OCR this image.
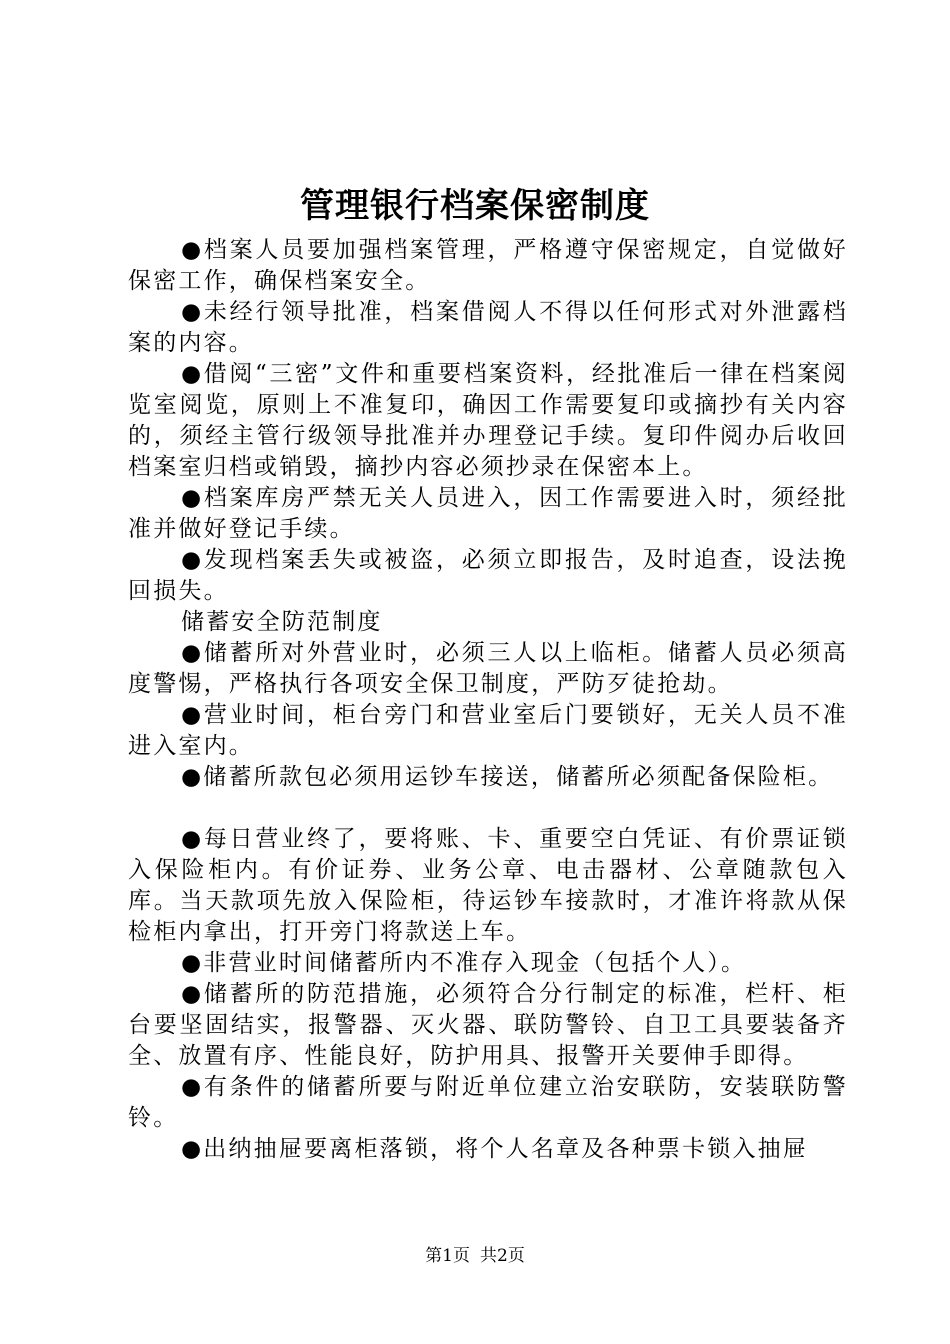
管理银行档案保密制度

●档案人员要加强档案管理，严格遵守保密规定，自觉做好保密工作，确保档案安全。

●未经行领导批准，档案借阅人不得以任何形式对外泄露档案的内容。

●借阅“三密”文件和重要档案资料，经批准后一律在档案阅览室阅览，原则上不准复印，确因工作需要复印或摘抄有关内容的，须经主管行级领导批准并办理登记手续。复印件阅办后收回档案室归档或销毁，摘抄内容必须抄录在保密本上。

●档案库房严禁无关人员进入，因工作需要进入时，须经批准并做好登记手续。

●发现档案丢失或被盗，必须立即报告，及时追查，设法挽回损失。

储蓄安全防范制度

●储蓄所对外营业时，必须三人以上临柜。储蓄人员必须高度警惕，严格执行各项安全保卫制度，严防歹徒抢劫。

●营业时间，柜台旁门和营业室后门要锁好，无关人员不准进入室内。

●储蓄所款包必须用运钞车接送，储蓄所必须配备保险柜。

●每日营业终了，要将账、卡、重要空白凭证、有价票证锁入保险柜内。有价证券、业务公章、电击器材、公章随款包入库。当天款项先放入保险柜，待运钞车接款时，才准许将款从保检柜内拿出，打开旁门将款送上车。

●非营业时间储蓄所内不准存入现金（包括个人）。

●储蓄所的防范措施，必须符合分行制定的标准，栏杆、柜台要坚固结实，报警器、灭火器、联防警铃、自卫工具要装备齐全、放置有序、性能良好，防护用具、报警开关要伸手即得。

●有条件的储蓄所要与附近单位建立治安联防，安装联防警铃。

●出纳抽屉要离柜落锁，将个人名章及各种票卡锁入抽屉

第1页 共2页
